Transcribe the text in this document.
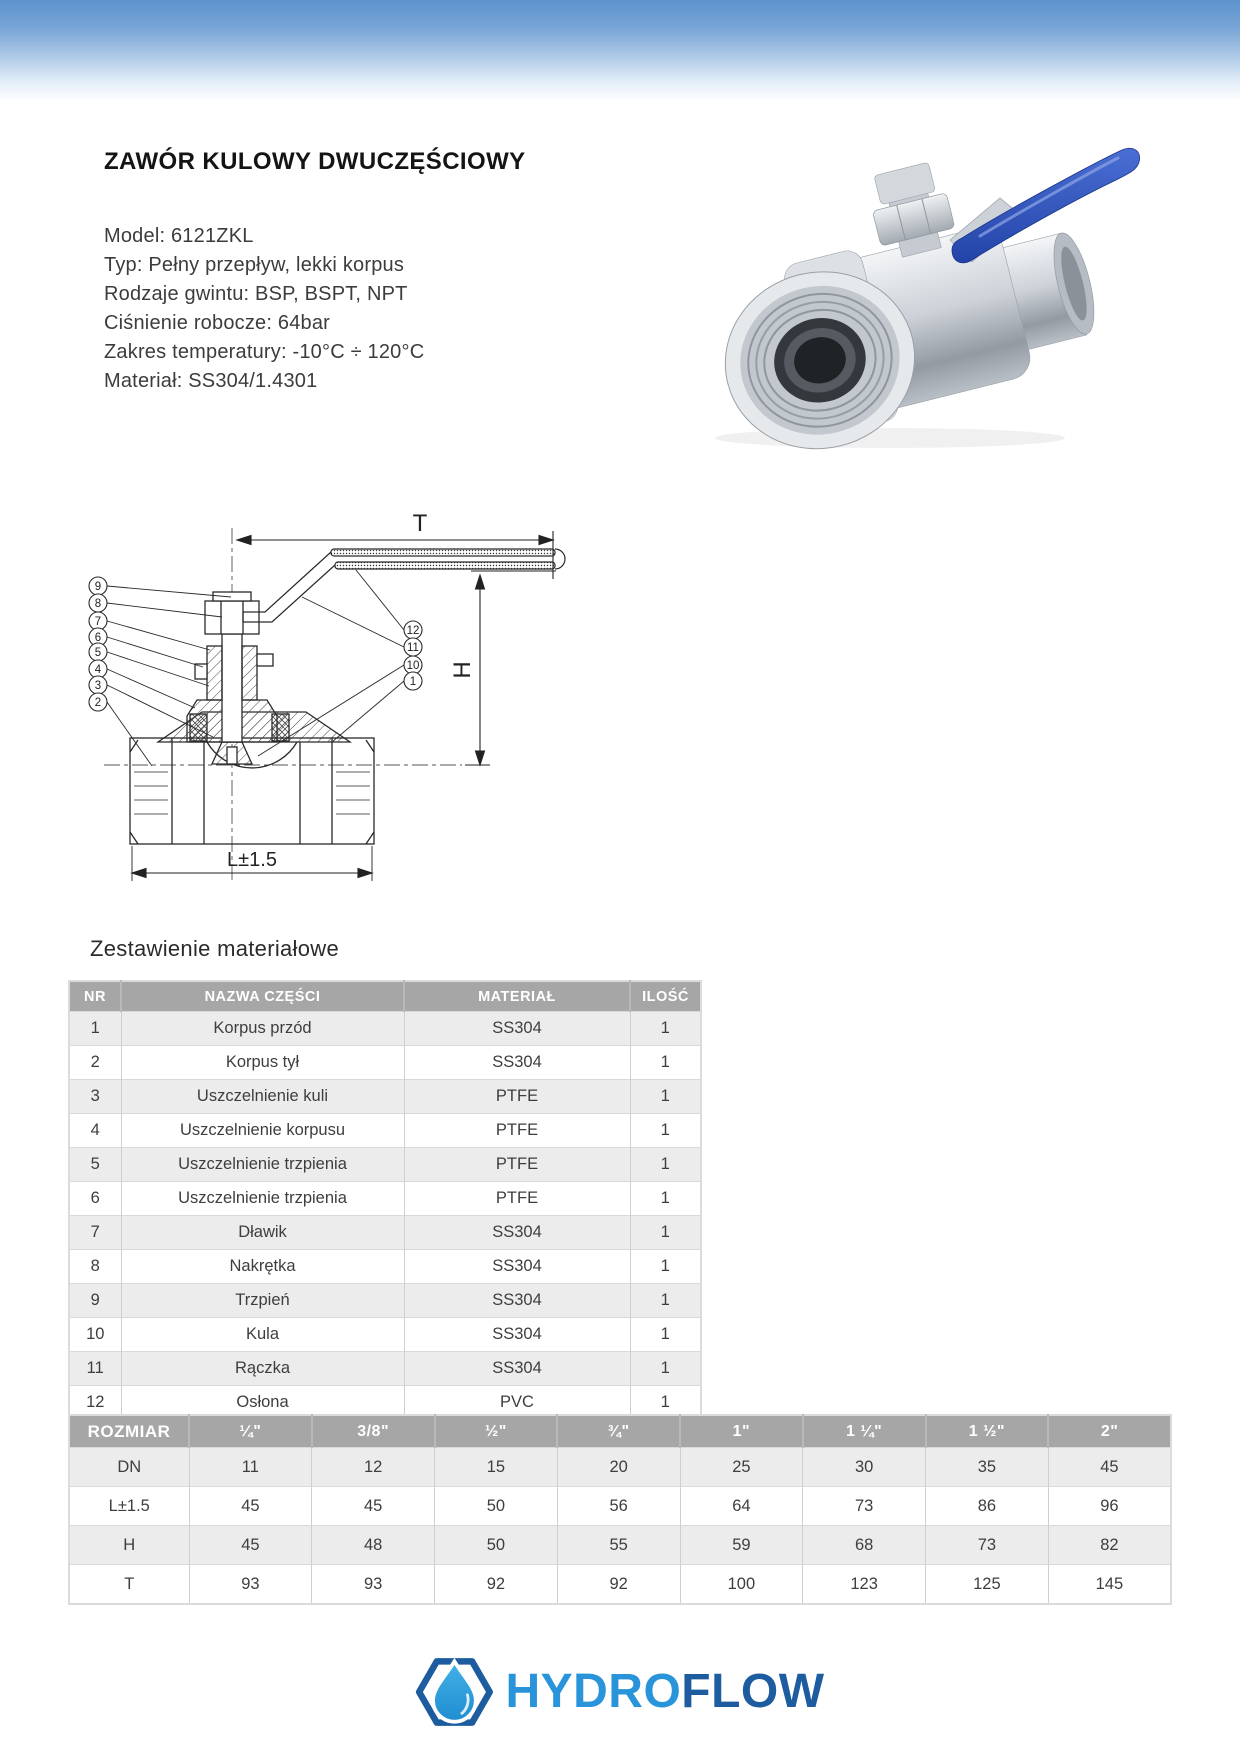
ZAWÓR KULOWY DWUCZĘŚCIOWY
Model: 6121ZKL
Typ: Pełny przepływ, lekki korpus
Rodzaje gwintu: BSP, BSPT, NPT
Ciśnienie robocze: 64bar
Zakres temperatury: -10°C ÷ 120°C
Materiał: SS304/1.4301
T
H
L±1.5
9
8
7
6
5
4
3
2
12
11
10
1
Zestawienie materiałowe
NR	NAZWA CZĘŚCI	MATERIAŁ	ILOŚĆ
1	Korpus przód	SS304	1
2	Korpus tył	SS304	1
3	Uszczelnienie kuli	PTFE	1
4	Uszczelnienie korpusu	PTFE	1
5	Uszczelnienie trzpienia	PTFE	1
6	Uszczelnienie trzpienia	PTFE	1
7	Dławik	SS304	1
8	Nakrętka	SS304	1
9	Trzpień	SS304	1
10	Kula	SS304	1
11	Rączka	SS304	1
12	Osłona	PVC	1
ROZMIAR	¼"	3/8"	½"	¾"	1"	1 ¼"	1 ½"	2"
DN	11	12	15	20	25	30	35	45
L±1.5	45	45	50	56	64	73	86	96
H	45	48	50	55	59	68	73	82
T	93	93	92	92	100	123	125	145
HYDROFLOW
